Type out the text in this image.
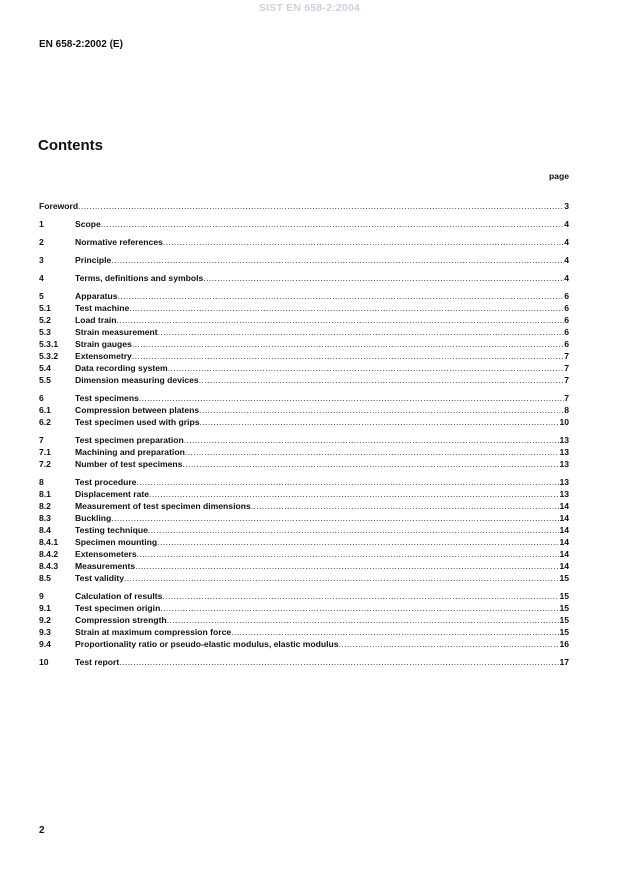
SIST EN 658-2:2004
EN 658-2:2002 (E)
Contents
page
Foreword .....	3
1	Scope .....	4
2	Normative references .....	4
3	Principle .....	4
4	Terms, definitions and symbols .....	4
5	Apparatus .....	6
5.1	Test machine .....	6
5.2	Load train .....	6
5.3	Strain measurement .....	6
5.3.1 Strain gauges .....	6
5.3.2 Extensometry .....	7
5.4	Data recording system .....	7
5.5	Dimension measuring devices .....	7
6	Test specimens .....	7
6.1	Compression between platens .....	8
6.2	Test specimen used with grips .....	10
7	Test specimen preparation .....	13
7.1	Machining and preparation .....	13
7.2	Number of test specimens .....	13
8	Test procedure .....	13
8.1	Displacement rate .....	13
8.2	Measurement of test specimen dimensions .....	14
8.3	Buckling .....	14
8.4	Testing technique .....	14
8.4.1 Specimen mounting .....	14
8.4.2 Extensometers .....	14
8.4.3 Measurements .....	14
8.5	Test validity .....	15
9	Calculation of results .....	15
9.1	Test specimen origin .....	15
9.2	Compression strength .....	15
9.3	Strain at maximum compression force .....	15
9.4	Proportionality ratio or pseudo-elastic modulus, elastic modulus .....	16
10	Test report .....	17
2
